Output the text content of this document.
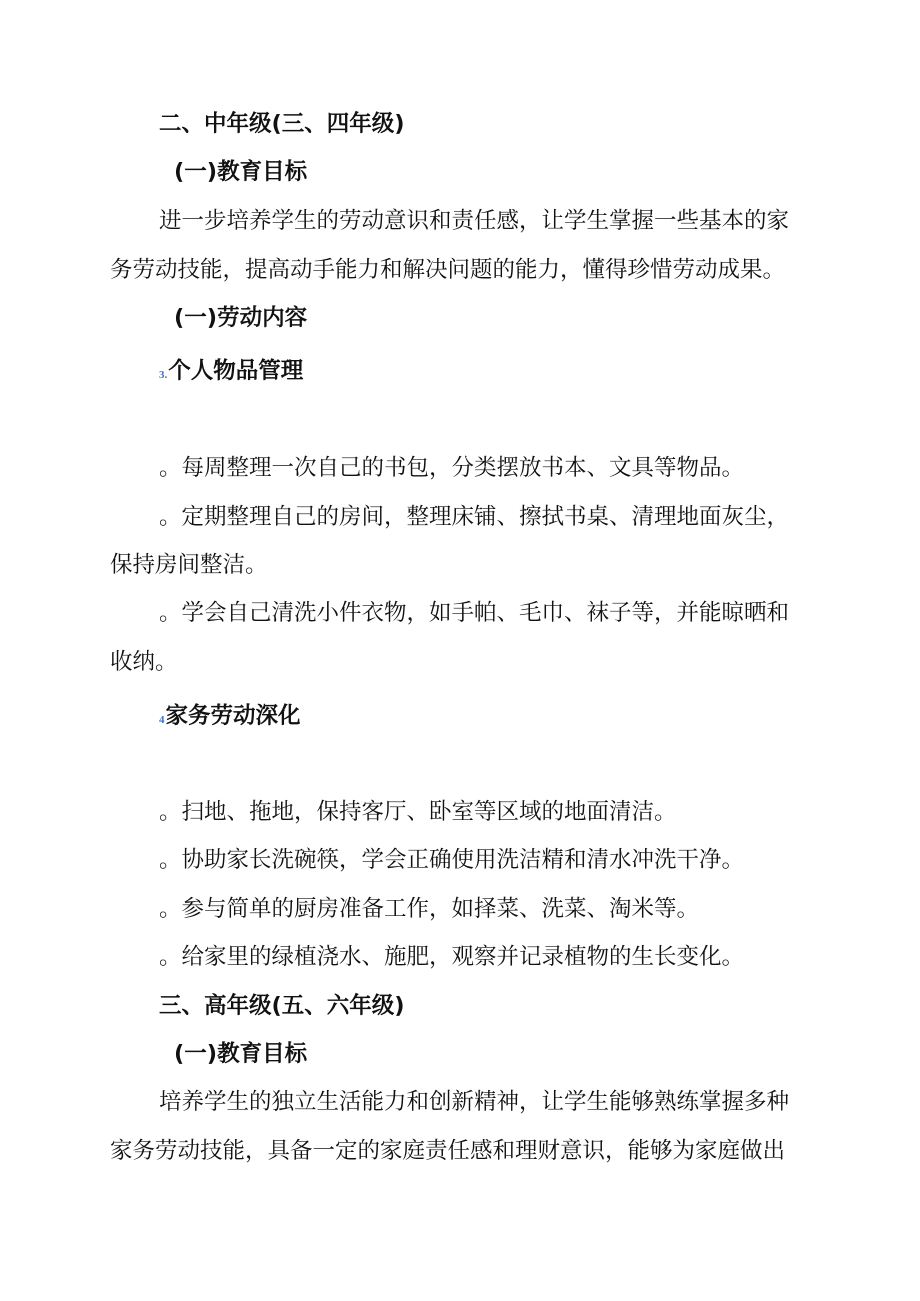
二、中年级(三、四年级)
(一)教育目标
进一步培养学生的劳动意识和责任感，让学生掌握一些基本的家
务劳动技能，提高动手能力和解决问题的能力，懂得珍惜劳动成果。
(一)劳动内容
3.个人物品管理
。每周整理一次自己的书包，分类摆放书本、文具等物品。
。定期整理自己的房间，整理床铺、擦拭书桌、清理地面灰尘，
保持房间整洁。
。学会自己清洗小件衣物，如手帕、毛巾、袜子等，并能晾晒和
收纳。
4家务劳动深化
。扫地、拖地，保持客厅、卧室等区域的地面清洁。
。协助家长洗碗筷，学会正确使用洗洁精和清水冲洗干净。
。参与简单的厨房准备工作，如择菜、洗菜、淘米等。
。给家里的绿植浇水、施肥，观察并记录植物的生长变化。
三、高年级(五、六年级)
(一)教育目标
培养学生的独立生活能力和创新精神，让学生能够熟练掌握多种
家务劳动技能，具备一定的家庭责任感和理财意识，能够为家庭做出
